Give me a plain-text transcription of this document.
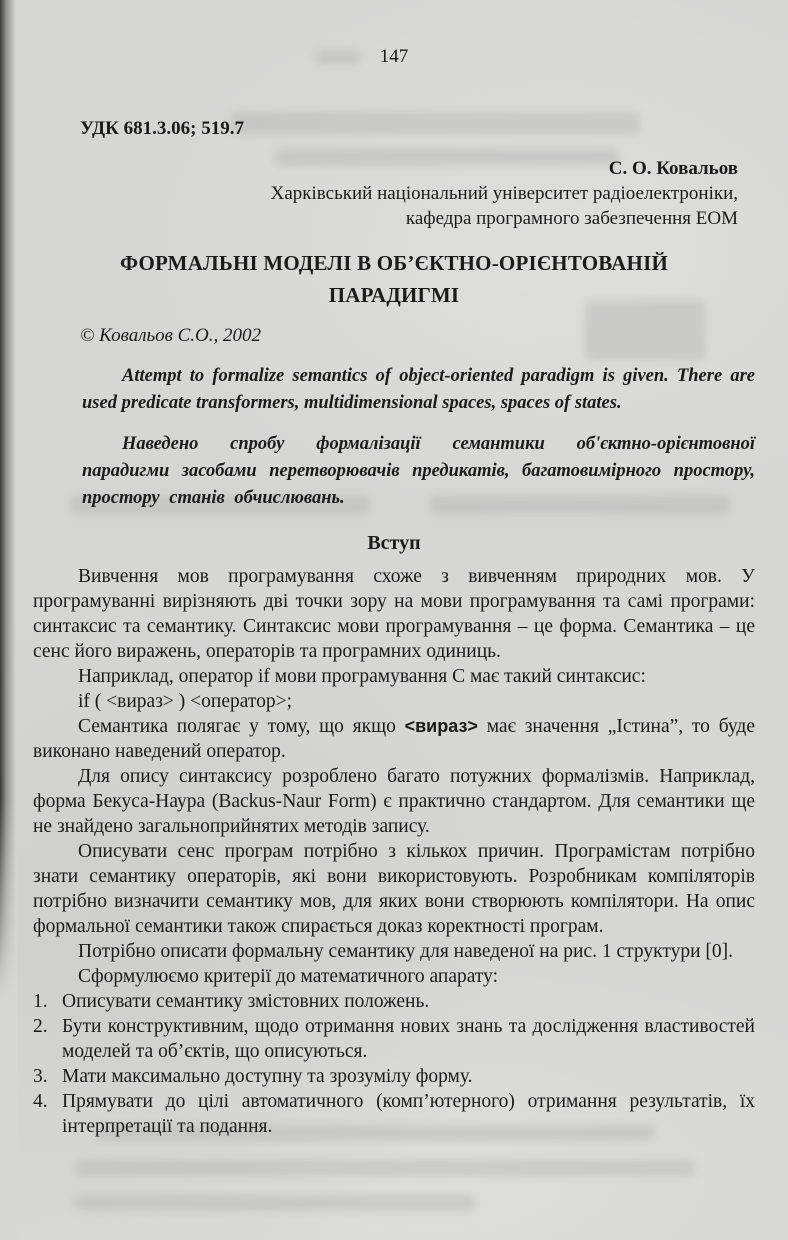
147
УДК 681.3.06; 519.7
С. О. Ковальов
Харківський національний університет радіоелектроніки,
кафедра програмного забезпечення ЕОМ
ФОРМАЛЬНІ МОДЕЛІ В ОБ’ЄКТНО-ОРІЄНТОВАНІЙ
ПАРАДИГМІ
© Ковальов С.О., 2002
Attempt to formalize semantics of object-oriented paradigm is given. There are used predicate transformers, multidimensional spaces, spaces of states.
Наведено спробу формалізації семантики об'єктно-орієнтовної парадигми засобами перетворювачів предикатів, багатовимірного простору, простору станів обчислювань.
Вступ

Вивчення мов програмування схоже з вивченням природних мов. У програмуванні вирізняють дві точки зору на мови програмування та самі програми: синтаксис та семантику. Синтаксис мови програмування – це форма. Семантика – це сенс його виражень, операторів та програмних одиниць.

Наприклад, оператор if мови програмування С має такий синтаксис:

if ( <вираз> ) <оператор>;

Семантика полягає у тому, що якщо <вираз> має значення „Істина”, то буде виконано наведений оператор.

Для опису синтаксису розроблено багато потужних формалізмів. Наприклад, форма Бекуса-Наура (Backus-Naur Form) є практично стандартом. Для семантики ще не знайдено загальноприйнятих методів запису.

Описувати сенс програм потрібно з кількох причин. Програмістам потрібно знати семантику операторів, які вони використовують. Розробникам компіляторів потрібно визначити семантику мов, для яких вони створюють компілятори. На опис формальної семантики також спирається доказ коректності програм.

Потрібно описати формальну семантику для наведеної на рис. 1 структури [0].

Сформулюємо критерії до математичного апарату:

1. Описувати семантику змістовних положень.
2. Бути конструктивним, щодо отримання нових знань та дослідження властивостей моделей та об’єктів, що описуються.
3. Мати максимально доступну та зрозумілу форму.
4. Прямувати до цілі автоматичного (комп’ютерного) отримання результатів, їх інтерпретації та подання.
